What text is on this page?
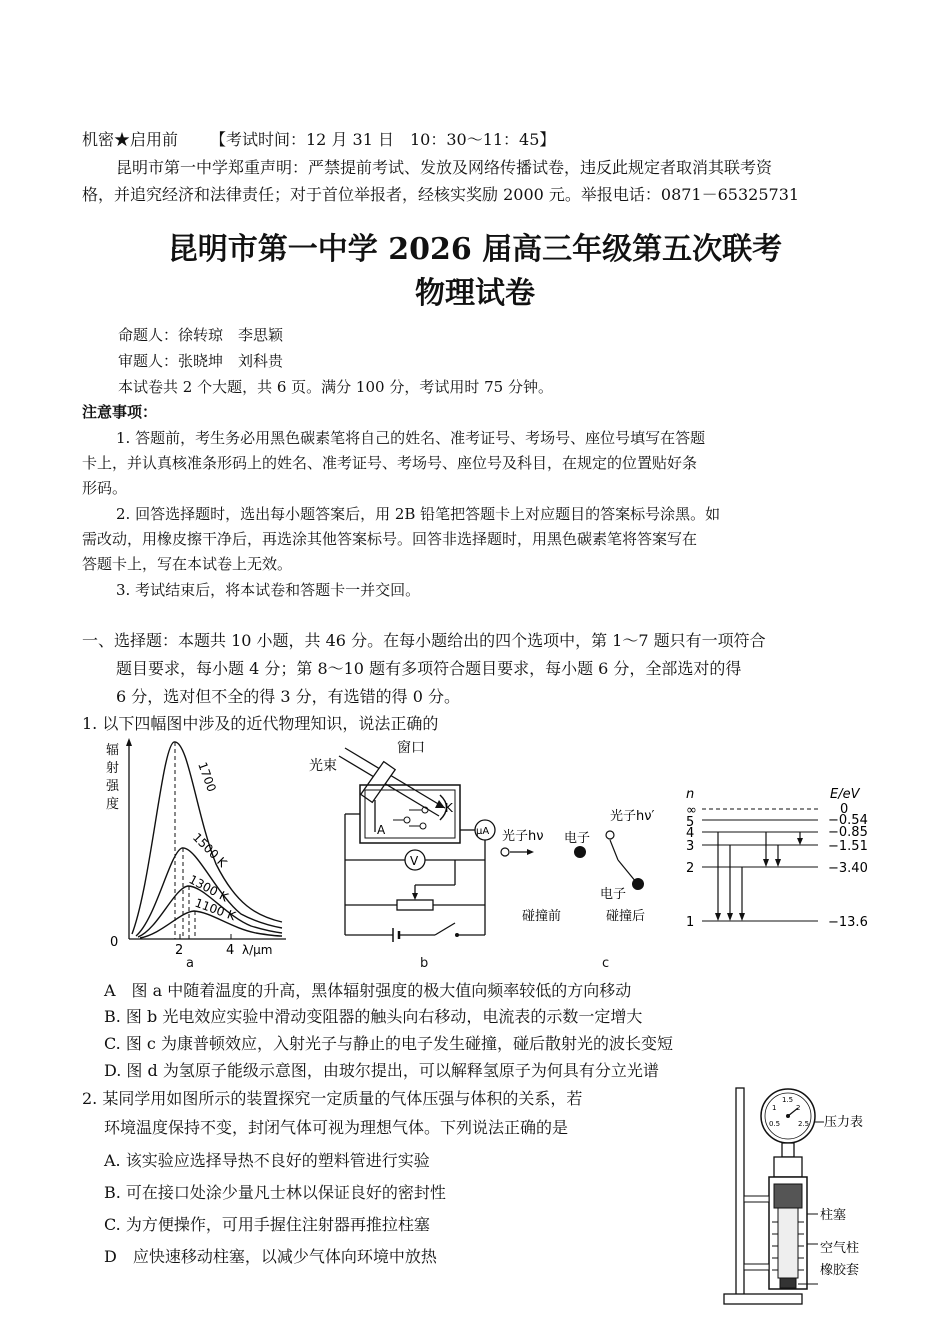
机密★启用前 【考试时间：12 月 31 日　10：30～11：45】
昆明市第一中学郑重声明：严禁提前考试、发放及网络传播试卷，违反此规定者取消其联考资
格，并追究经济和法律责任；对于首位举报者，经核实奖励 2000 元。举报电话：0871－65325731
昆明市第一中学 2026 届高三年级第五次联考
物理试卷
命题人：徐转琼　李思颖
审题人：张晓坤　刘科贵
本试卷共 2 个大题，共 6 页。满分 100 分，考试用时 75 分钟。
注意事项：
1. 答题前，考生务必用黑色碳素笔将自己的姓名、准考证号、考场号、座位号填写在答题
卡上，并认真核准条形码上的姓名、准考证号、考场号、座位号及科目，在规定的位置贴好条
形码。
2. 回答选择题时，选出每小题答案后，用 2B 铅笔把答题卡上对应题目的答案标号涂黑。如
需改动，用橡皮擦干净后，再选涂其他答案标号。回答非选择题时，用黑色碳素笔将答案写在
答题卡上，写在本试卷上无效。
3. 考试结束后，将本试卷和答题卡一并交回。
一、选择题：本题共 10 小题，共 46 分。在每小题给出的四个选项中，第 1～7 题只有一项符合
题目要求，每小题 4 分；第 8～10 题有多项符合题目要求，每小题 6 分，全部选对的得
6 分，选对但不全的得 3 分，有选错的得 0 分。
1. 以下四幅图中涉及的近代物理知识，说法正确的
辐
射
强
度
0
2	4 λ/μm
1700
1500 K
1300 K
1100 K
a
光束
窗口
A
K
μA
V
b
光子hν 电子
碰撞前
光子hν′
电子
碰撞后
c
n	E/eV
∞
5
4
3
2
1
0
−0.54
−0.85
−1.51
−3.40
−13.6
A　图 a 中随着温度的升高，黑体辐射强度的极大值向频率较低的方向移动
B. 图 b 光电效应实验中滑动变阻器的触头向右移动，电流表的示数一定增大
C. 图 c 为康普顿效应，入射光子与静止的电子发生碰撞，碰后散射光的波长变短
D. 图 d 为氢原子能级示意图，由玻尔提出，可以解释氢原子为何具有分立光谱
2. 某同学用如图所示的装置探究一定质量的气体压强与体积的关系，若
环境温度保持不变，封闭气体可视为理想气体。下列说法正确的是
A. 该实验应选择导热不良好的塑料管进行实验
B. 可在接口处涂少量凡士林以保证良好的密封性
C. 为方便操作，可用手握住注射器再推拉柱塞
D　应快速移动柱塞，以减少气体向环境中放热
0.5
1
1.5
2
2.5 压力表
柱塞
空气柱
橡胶套
